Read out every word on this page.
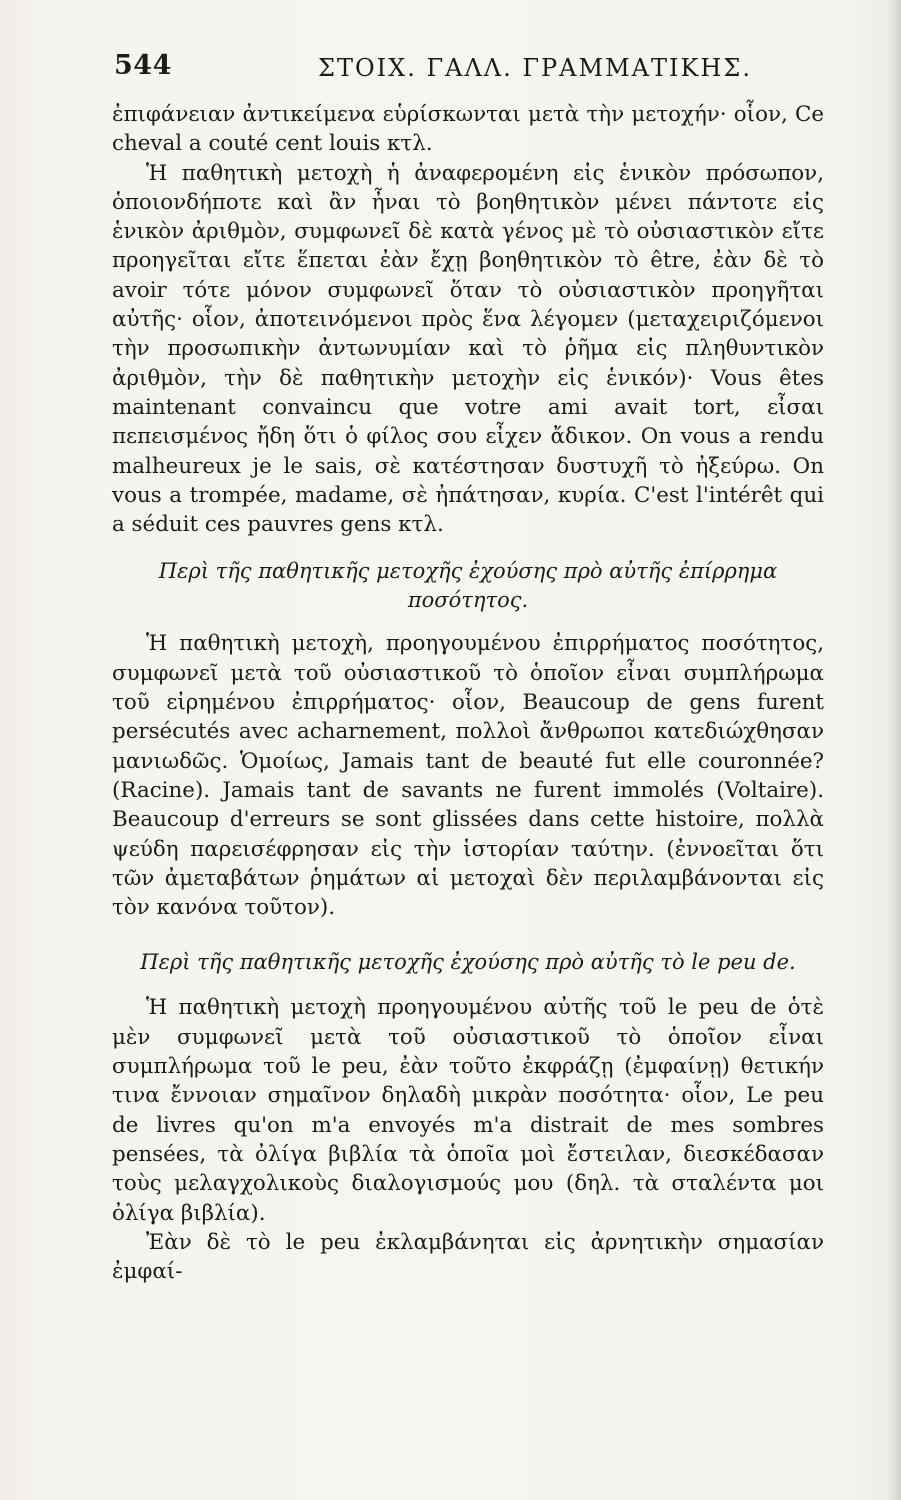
544	ΣΤΟΙΧ. ΓΑΛΛ. ΓΡΑΜΜΑΤΙΚΗΣ.

ἐπιφάνειαν ἀντικείμενα εὑρίσκωνται μετὰ τὴν μετοχήν· οἷον, Ce cheval a couté cent louis κτλ.

Ἡ παθητικὴ μετοχὴ ἡ ἀναφερομένη εἰς ἑνικὸν πρόσωπον, ὁποιονδήποτε καὶ ἂν ἦναι τὸ βοηθητικὸν μένει πάντοτε εἰς ἑνικὸν ἀριθμὸν, συμφωνεῖ δὲ κατὰ γένος μὲ τὸ οὐσιαστικὸν εἴτε προηγεῖται εἴτε ἕπεται ἐὰν ἔχῃ βοηθητικὸν τὸ être, ἐὰν δὲ τὸ avoir τότε μόνον συμφωνεῖ ὅταν τὸ οὐσιαστικὸν προηγῆται αὐτῆς· οἷον, ἀποτεινόμενοι πρὸς ἕνα λέγομεν (μεταχειριζόμενοι τὴν προσωπικὴν ἀντωνυμίαν καὶ τὸ ῥῆμα εἰς πληθυντικὸν ἀριθμὸν, τὴν δὲ παθητικὴν μετοχὴν εἰς ἑνικόν)· Vous êtes maintenant convaincu que votre ami avait tort, εἶσαι πεπεισμένος ἤδη ὅτι ὁ φίλος σου εἶχεν ἄδικον. On vous a rendu malheureux je le sais, σὲ κατέστησαν δυστυχῆ τὸ ἠξεύρω. On vous a trompée, madame, σὲ ἠπάτησαν, κυρία. C'est l'intérêt qui a séduit ces pauvres gens κτλ.

Περὶ τῆς παθητικῆς μετοχῆς ἐχούσης πρὸ αὐτῆς ἐπίρρημα ποσότητος.

Ἡ παθητικὴ μετοχὴ, προηγουμένου ἐπιρρήματος ποσότητος, συμφωνεῖ μετὰ τοῦ οὐσιαστικοῦ τὸ ὁποῖον εἶναι συμπλήρωμα τοῦ εἰρημένου ἐπιρρήματος· οἷον, Beaucoup de gens furent persécutés avec acharnement, πολλοὶ ἄνθρωποι κατεδιώχθησαν μανιωδῶς. Ὁμοίως, Jamais tant de beauté fut elle couronnée? (Racine). Jamais tant de savants ne furent immolés (Voltaire). Beaucoup d'erreurs se sont glissées dans cette histoire, πολλὰ ψεύδη παρεισέφρησαν εἰς τὴν ἱστορίαν ταύτην. (ἐννοεῖται ὅτι τῶν ἀμεταβάτων ῥημάτων αἱ μετοχαὶ δὲν περιλαμβάνονται εἰς τὸν κανόνα τοῦτον).

Περὶ τῆς παθητικῆς μετοχῆς ἐχούσης πρὸ αὐτῆς τὸ le peu de.

Ἡ παθητικὴ μετοχὴ προηγουμένου αὐτῆς τοῦ le peu de ὁτὲ μὲν συμφωνεῖ μετὰ τοῦ οὐσιαστικοῦ τὸ ὁποῖον εἶναι συμπλήρωμα τοῦ le peu, ἐὰν τοῦτο ἐκφράζῃ (ἐμφαίνῃ) θετικήν τινα ἔννοιαν σημαῖνον δηλαδὴ μικρὰν ποσότητα· οἷον, Le peu de livres qu'on m'a envoyés m'a distrait de mes sombres pensées, τὰ ὀλίγα βιβλία τὰ ὁποῖα μοὶ ἔστειλαν, διεσκέδασαν τοὺς μελαγχολικοὺς διαλογισμούς μου (δηλ. τὰ σταλέντα μοι ὀλίγα βιβλία).

Ἐὰν δὲ τὸ le peu ἐκλαμβάνηται εἰς ἀρνητικὴν σημασίαν ἐμφαί-
